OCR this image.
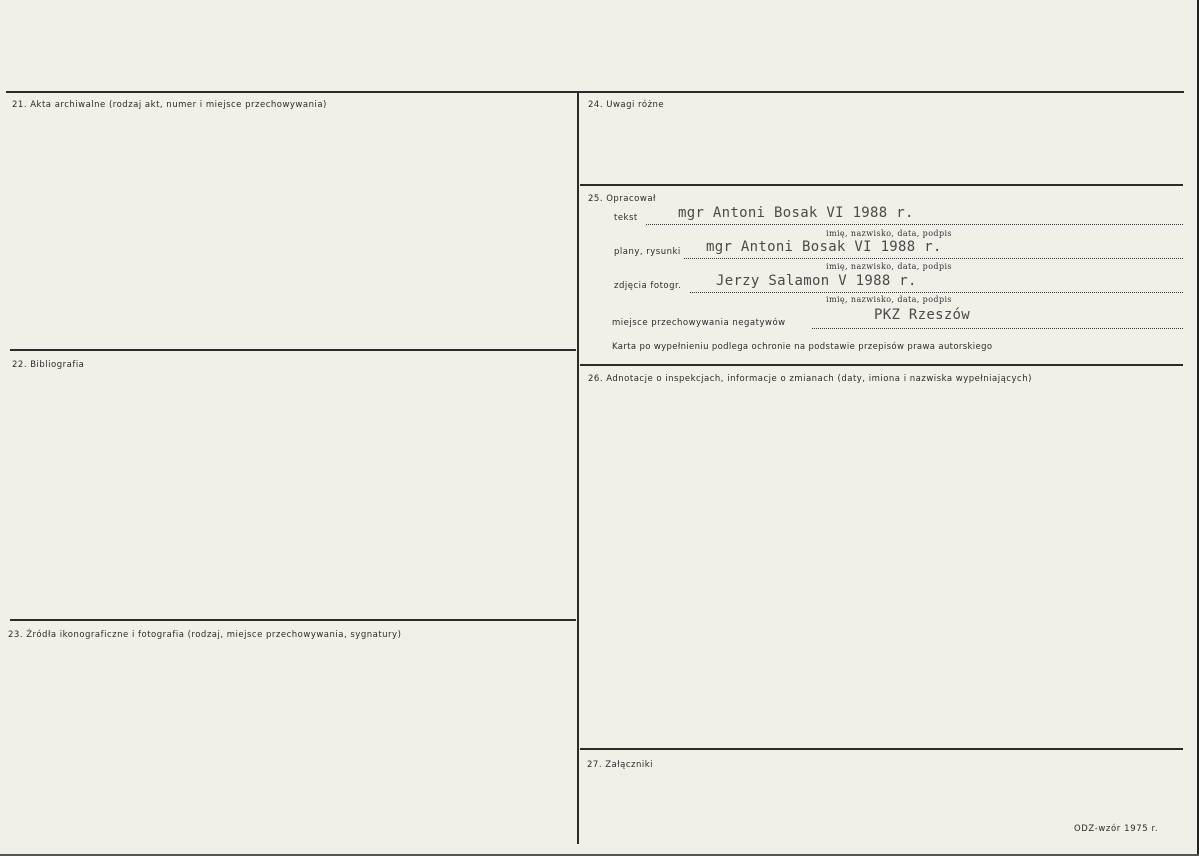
21. Akta archiwalne (rodzaj akt, numer i miejsce przechowywania)
22. Bibliografia
23. Źródła ikonograficzne i fotografia (rodzaj, miejsce przechowywania, sygnatury)
24. Uwagi różne
25. Opracował
26. Adnotacje o inspekcjach, informacje o zmianach (daty, imiona i nazwiska wypełniających)
27. Załączniki
tekst	mgr Antoni Bosak VI 1988 r.
imię, nazwisko, data, podpis
plany, rysunki mgr Antoni Bosak VI 1988 r.
imię, nazwisko, data, podpis
zdjęcia fotogr. Jerzy Salamon V 1988 r.
imię, nazwisko, data, podpis
miejsce przechowywania negatywów	PKZ Rzeszów
Karta po wypełnieniu podlega ochronie na podstawie przepisów prawa autorskiego
ODZ-wzór 1975 r.
